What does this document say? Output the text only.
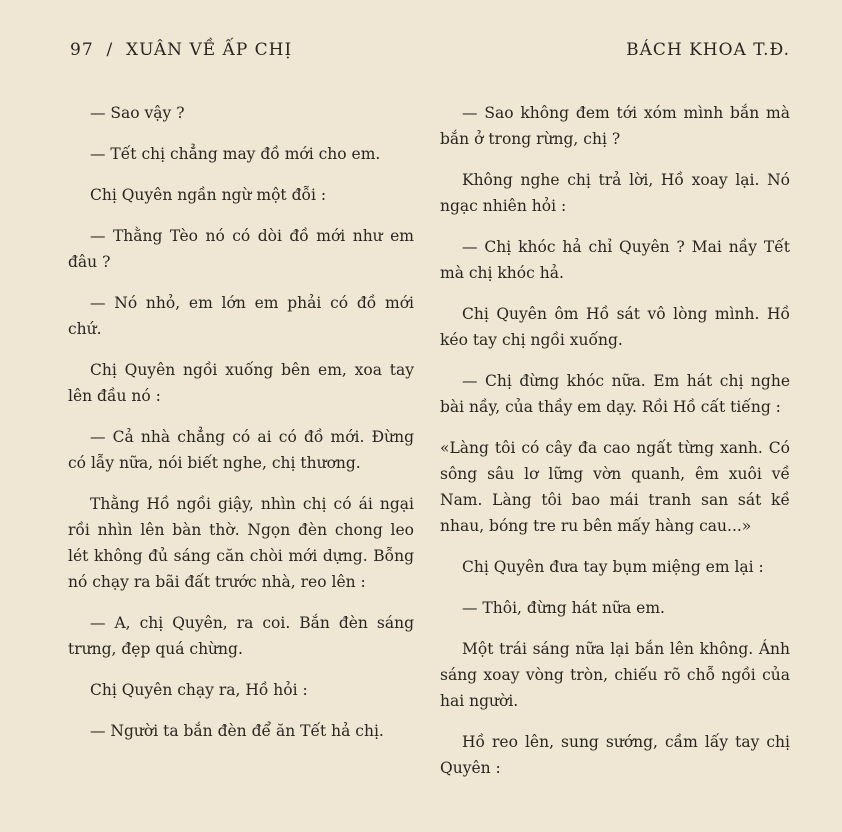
97 / XUÂN VỀ ẤP CHỊ	BÁCH KHOA T.Đ.

— Sao vậy ?

— Tết chị chẳng may đồ mới cho em.

Chị Quyên ngần ngừ một đỗi :

— Thằng Tèo nó có dòi đồ mới như em đâu ?

— Nó nhỏ, em lớn em phải có đồ mới chứ.

Chị Quyên ngồi xuống bên em, xoa tay lên đầu nó :

— Cả nhà chẳng có ai có đồ mới. Đừng có lẫy nữa, nói biết nghe, chị thương.

Thằng Hồ ngồi giậy, nhìn chị có ái ngại rồi nhìn lên bàn thờ. Ngọn đèn chong leo lét không đủ sáng căn chòi mới dựng. Bỗng nó chạy ra bãi đất trước nhà, reo lên :

— A, chị Quyên, ra coi. Bắn đèn sáng trưng, đẹp quá chừng.

Chị Quyên chạy ra, Hồ hỏi :

— Người ta bắn đèn để ăn Tết hả chị.

— Sao không đem tới xóm mình bắn mà bắn ở trong rừng, chị ?

Không nghe chị trả lời, Hồ xoay lại. Nó ngạc nhiên hỏi :

— Chị khóc hả chỉ Quyên ? Mai nầy Tết mà chị khóc hả.

Chị Quyên ôm Hồ sát vô lòng mình. Hồ kéo tay chị ngồi xuống.

— Chị đừng khóc nữa. Em hát chị nghe bài nầy, của thầy em dạy. Rồi Hồ cất tiếng :

«Làng tôi có cây đa cao ngất từng xanh. Có sông sâu lơ lững vờn quanh, êm xuôi về Nam. Làng tôi bao mái tranh san sát kề nhau, bóng tre ru bên mấy hàng cau...»

Chị Quyên đưa tay bụm miệng em lại :

— Thôi, đừng hát nữa em.

Một trái sáng nữa lại bắn lên không. Ánh sáng xoay vòng tròn, chiếu rõ chỗ ngồi của hai người.

Hồ reo lên, sung sướng, cầm lấy tay chị Quyên :
